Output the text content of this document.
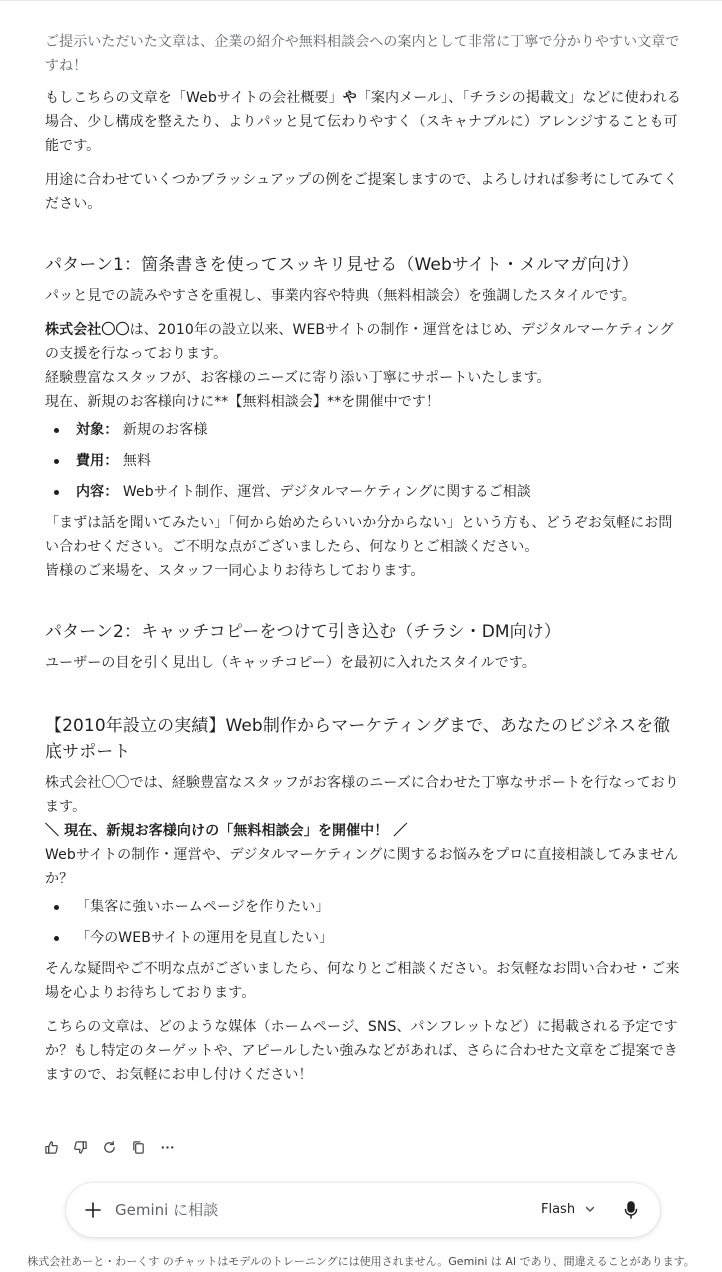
ご提示いただいた文章は、企業の紹介や無料相談会への案内として非常に丁寧で分かりやすい文章ですね！

もしこちらの文章を「Webサイトの会社概要」や「案内メール」、「チラシの掲載文」などに使われる場合、少し構成を整えたり、よりパッと見て伝わりやすく（スキャナブルに）アレンジすることも可能です。

用途に合わせていくつかブラッシュアップの例をご提案しますので、よろしければ参考にしてみてください。

パターン1：箇条書きを使ってスッキリ見せる（Webサイト・メルマガ向け）

パッと見での読みやすさを重視し、事業内容や特典（無料相談会）を強調したスタイルです。

株式会社〇〇は、2010年の設立以来、WEBサイトの制作・運営をはじめ、デジタルマーケティングの支援を行なっております。

経験豊富なスタッフが、お客様のニーズに寄り添い丁寧にサポートいたします。

現在、新規のお客様向けに**【無料相談会】**を開催中です！

対象： 新規のお客様
費用： 無料
内容： Webサイト制作、運営、デジタルマーケティングに関するご相談

「まずは話を聞いてみたい」「何から始めたらいいか分からない」という方も、どうぞお気軽にお問い合わせください。ご不明な点がございましたら、何なりとご相談ください。

皆様のご来場を、スタッフ一同心よりお待ちしております。

パターン2：キャッチコピーをつけて引き込む（チラシ・DM向け）

ユーザーの目を引く見出し（キャッチコピー）を最初に入れたスタイルです。

【2010年設立の実績】Web制作からマーケティングまで、あなたのビジネスを徹底サポート

株式会社〇〇では、経験豊富なスタッフがお客様のニーズに合わせた丁寧なサポートを行なっております。

＼ 現在、新規お客様向けの「無料相談会」を開催中！ ／

Webサイトの制作・運営や、デジタルマーケティングに関するお悩みをプロに直接相談してみませんか？

「集客に強いホームページを作りたい」
「今のWEBサイトの運用を見直したい」

そんな疑問やご不明な点がございましたら、何なりとご相談ください。お気軽なお問い合わせ・ご来場を心よりお待ちしております。

こちらの文章は、どのような媒体（ホームページ、SNS、パンフレットなど）に掲載される予定ですか？もし特定のターゲットや、アピールしたい強みなどがあれば、さらに合わせた文章をご提案できますので、お気軽にお申し付けください！

Gemini に相談	Flash
株式会社あーと・わーくす のチャットはモデルのトレーニングには使用されません。Gemini は AI であり、間違えることがあります。
